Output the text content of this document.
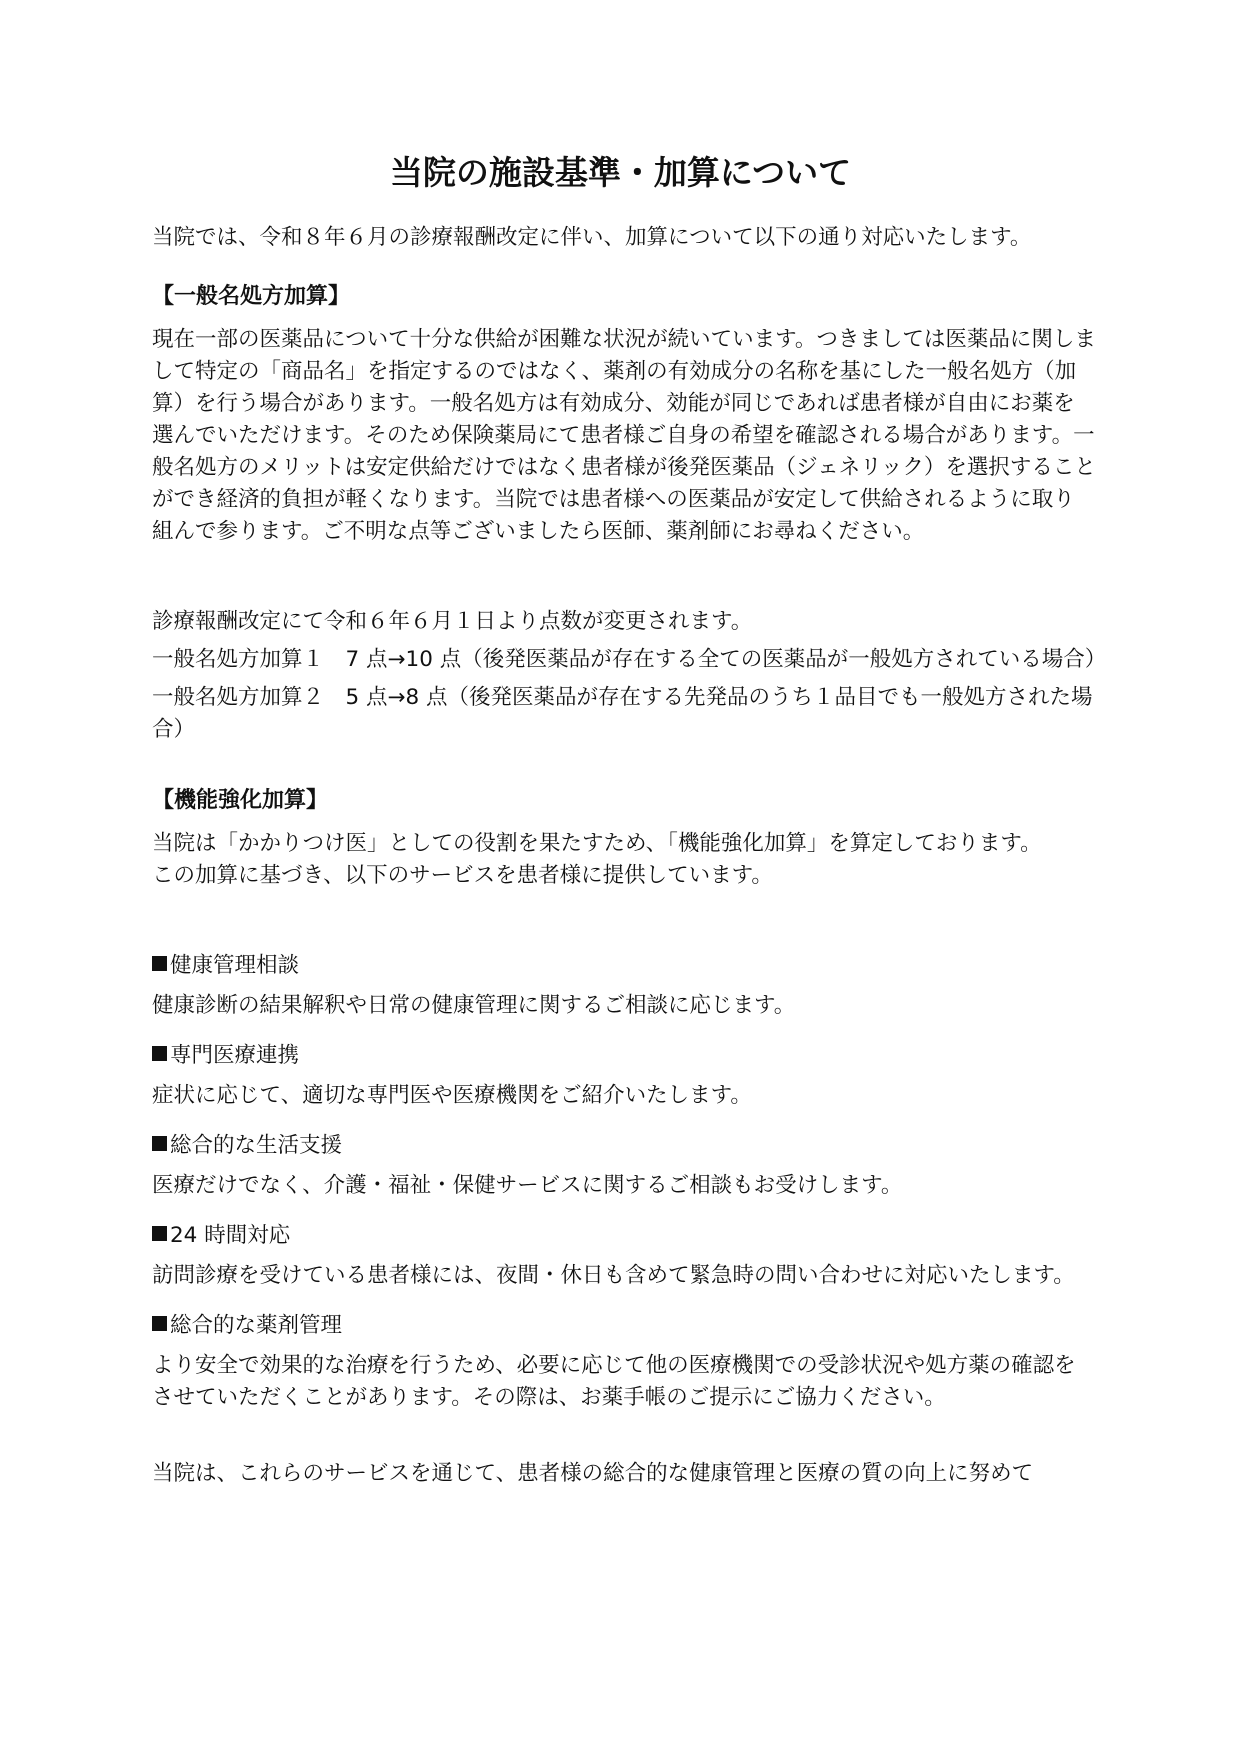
当院の施設基準・加算について

当院では、令和８年６月の診療報酬改定に伴い、加算について以下の通り対応いたします。

【一般名処方加算】

現在一部の医薬品について十分な供給が困難な状況が続いています。つきましては医薬品に関しまして特定の「商品名」を指定するのではなく、薬剤の有効成分の名称を基にした一般名処方（加算）を行う場合があります。一般名処方は有効成分、効能が同じであれば患者様が自由にお薬を選んでいただけます。そのため保険薬局にて患者様ご自身の希望を確認される場合があります。一般名処方のメリットは安定供給だけではなく患者様が後発医薬品（ジェネリック）を選択することができ経済的負担が軽くなります。当院では患者様への医薬品が安定して供給されるように取り組んで参ります。ご不明な点等ございましたら医師、薬剤師にお尋ねください。

診療報酬改定にて令和６年６月１日より点数が変更されます。

一般名処方加算１　7 点→10 点（後発医薬品が存在する全ての医薬品が一般処方されている場合）

一般名処方加算２　5 点→8 点（後発医薬品が存在する先発品のうち１品目でも一般処方された場合）

【機能強化加算】

当院は「かかりつけ医」としての役割を果たすため、「機能強化加算」を算定しております。

この加算に基づき、以下のサービスを患者様に提供しています。

健康管理相談

健康診断の結果解釈や日常の健康管理に関するご相談に応じます。

専門医療連携

症状に応じて、適切な専門医や医療機関をご紹介いたします。

総合的な生活支援

医療だけでなく、介護・福祉・保健サービスに関するご相談もお受けします。

24 時間対応

訪問診療を受けている患者様には、夜間・休日も含めて緊急時の問い合わせに対応いたします。

総合的な薬剤管理

より安全で効果的な治療を行うため、必要に応じて他の医療機関での受診状況や処方薬の確認をさせていただくことがあります。その際は、お薬手帳のご提示にご協力ください。

当院は、これらのサービスを通じて、患者様の総合的な健康管理と医療の質の向上に努めて
